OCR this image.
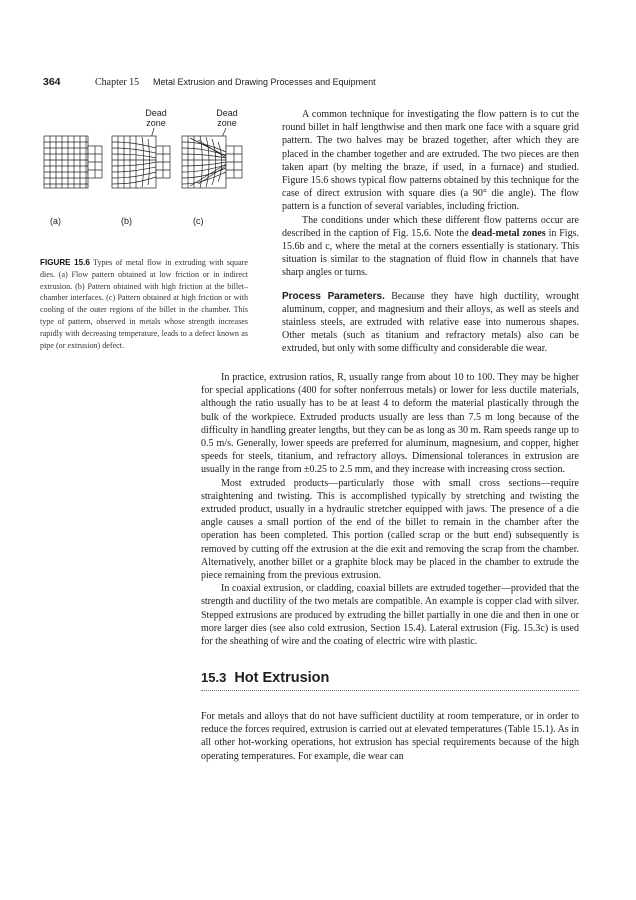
364	Chapter 15 Metal Extrusion and Drawing Processes and Equipment
Dead zone
Dead zone
(a)	(b)	(c)
FIGURE 15.6 Types of metal flow in extruding with square dies. (a) Flow pattern obtained at low friction or in indirect extrusion. (b) Pattern obtained with high friction at the billet–chamber interfaces. (c) Pattern obtained at high friction or with cooling of the outer regions of the billet in the chamber. This type of pattern, observed in metals whose strength increases rapidly with decreasing temperature, leads to a defect known as pipe (or extrusion) defect.

A common technique for investigating the flow pattern is to cut the round billet in half lengthwise and then mark one face with a square grid pattern. The two halves may be brazed together, after which they are placed in the chamber together and are extruded. The two pieces are then taken apart (by melting the braze, if used, in a furnace) and studied. Figure 15.6 shows typical flow patterns obtained by this technique for the case of direct extrusion with square dies (a 90° die angle). The flow pattern is a function of several variables, including friction.

The conditions under which these different flow patterns occur are described in the caption of Fig. 15.6. Note the dead-metal zones in Figs. 15.6b and c, where the metal at the corners essentially is stationary. This situation is similar to the stagnation of fluid flow in channels that have sharp angles or turns.

Process Parameters. Because they have high ductility, wrought aluminum, copper, and magnesium and their alloys, as well as steels and stainless steels, are extruded with relative ease into numerous shapes. Other metals (such as titanium and refractory metals) also can be extruded, but only with some difficulty and considerable die wear.

In practice, extrusion ratios, R, usually range from about 10 to 100. They may be higher for special applications (400 for softer nonferrous metals) or lower for less ductile materials, although the ratio usually has to be at least 4 to deform the material plastically through the bulk of the workpiece. Extruded products usually are less than 7.5 m long because of the difficulty in handling greater lengths, but they can be as long as 30 m. Ram speeds range up to 0.5 m/s. Generally, lower speeds are preferred for aluminum, magnesium, and copper, higher speeds for steels, titanium, and refractory alloys. Dimensional tolerances in extrusion are usually in the range from ±0.25 to 2.5 mm, and they increase with increasing cross section.

Most extruded products—particularly those with small cross sections—require straightening and twisting. This is accomplished typically by stretching and twisting the extruded product, usually in a hydraulic stretcher equipped with jaws. The presence of a die angle causes a small portion of the end of the billet to remain in the chamber after the operation has been completed. This portion (called scrap or the butt end) subsequently is removed by cutting off the extrusion at the die exit and removing the scrap from the chamber. Alternatively, another billet or a graphite block may be placed in the chamber to extrude the piece remaining from the previous extrusion.

In coaxial extrusion, or cladding, coaxial billets are extruded together—provided that the strength and ductility of the two metals are compatible. An example is copper clad with silver. Stepped extrusions are produced by extruding the billet partially in one die and then in one or more larger dies (see also cold extrusion, Section 15.4). Lateral extrusion (Fig. 15.3c) is used for the sheathing of wire and the coating of electric wire with plastic.

15.3 Hot Extrusion

For metals and alloys that do not have sufficient ductility at room temperature, or in order to reduce the forces required, extrusion is carried out at elevated temperatures (Table 15.1). As in all other hot-working operations, hot extrusion has special requirements because of the high operating temperatures. For example, die wear can
